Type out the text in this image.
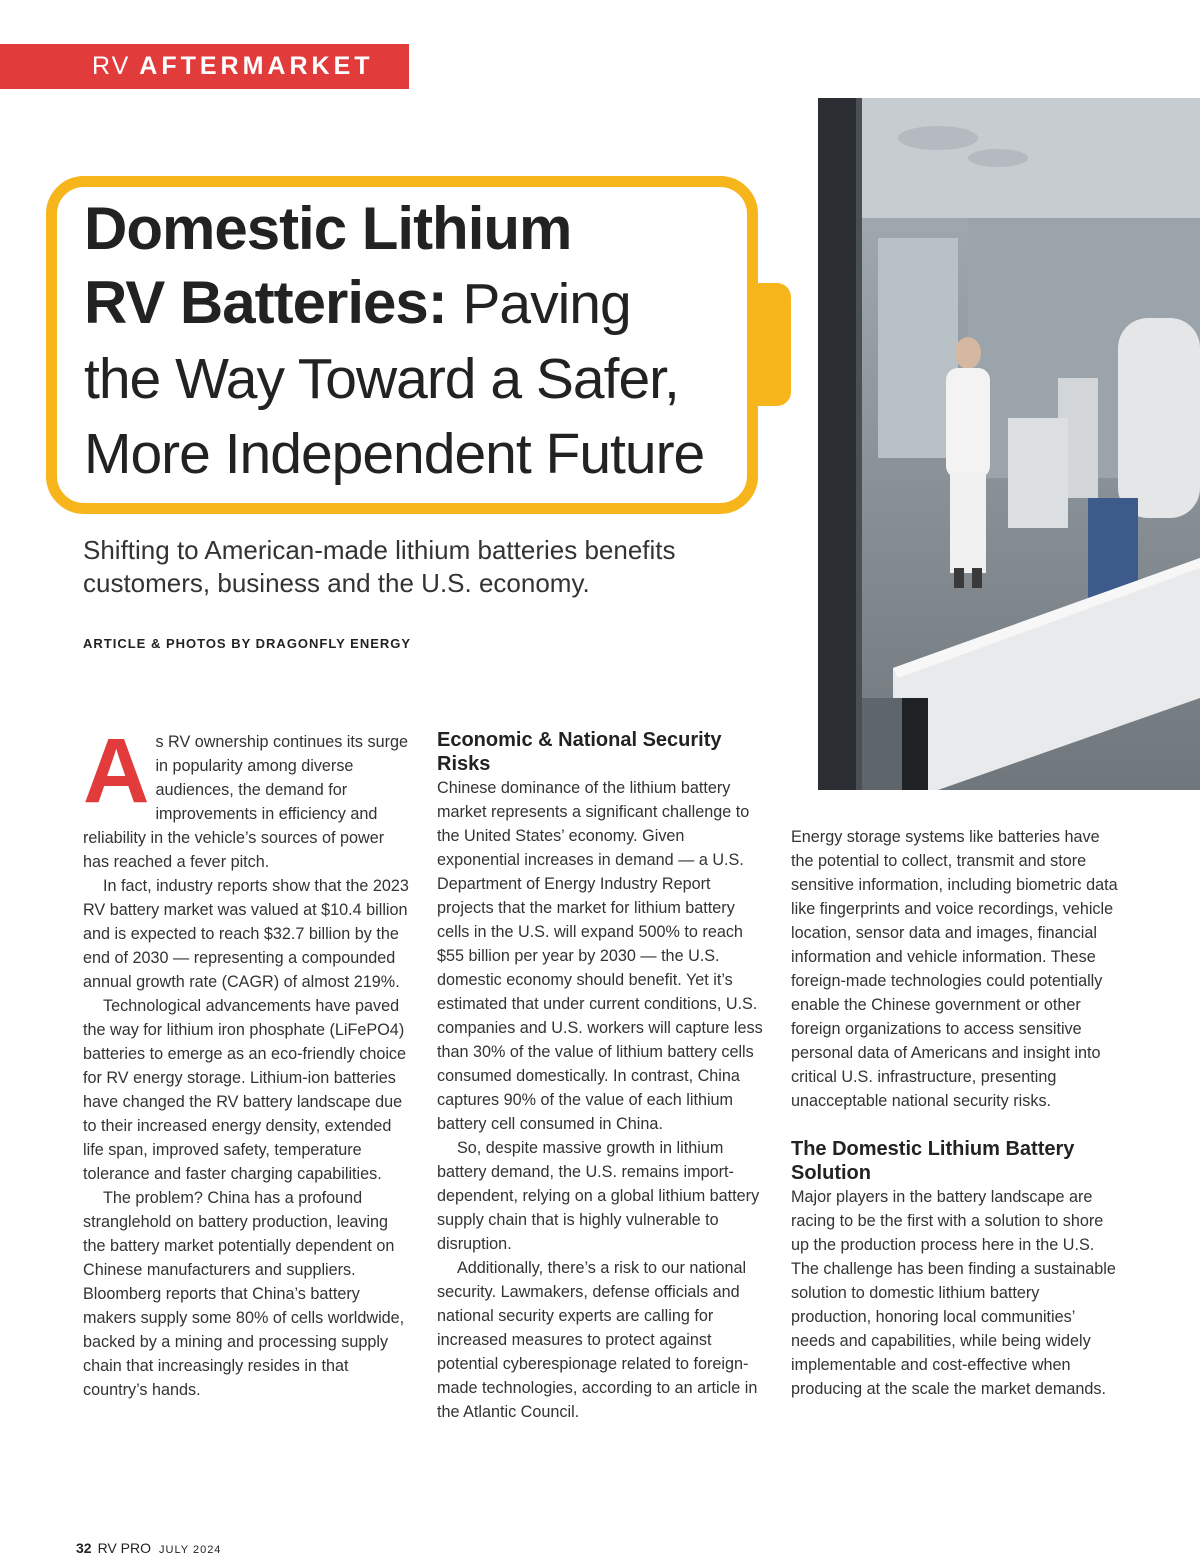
RV AFTERMARKET
Domestic Lithium
RV Batteries: Paving
the Way Toward a Safer,
More Independent Future

Shifting to American-made lithium batteries benefits customers, business and the U.S. economy.

ARTICLE & PHOTOS BY DRAGONFLY ENERGY

A s RV ownership continues its surge in popularity among diverse audiences, the demand for improvements in efficiency and reliability in the vehicle’s sources of power has reached a fever pitch.

In fact, industry reports show that the 2023 RV battery market was valued at $10.4 billion and is expected to reach $32.7 billion by the end of 2030 — representing a compounded annual growth rate (CAGR) of almost 219%.

Technological advancements have paved the way for lithium iron phosphate (LiFePO4) batteries to emerge as an eco-friendly choice for RV energy storage. Lithium-ion batteries have changed the RV battery landscape due to their increased energy density, extended life span, improved safety, temperature tolerance and faster charging capabilities.

The problem? China has a profound stranglehold on battery production, leaving the battery market potentially dependent on Chinese manufacturers and suppliers. Bloomberg reports that China’s battery makers supply some 80% of cells worldwide, backed by a mining and processing supply chain that increasingly resides in that country’s hands.

Economic & National Security Risks

Chinese dominance of the lithium battery market represents a significant challenge to the United States’ economy. Given exponential increases in demand — a U.S. Department of Energy Industry Report projects that the market for lithium battery cells in the U.S. will expand 500% to reach $55 billion per year by 2030 — the U.S. domestic economy should benefit. Yet it’s estimated that under current conditions, U.S. companies and U.S. workers will capture less than 30% of the value of lithium battery cells consumed domestically. In contrast, China captures 90% of the value of each lithium battery cell consumed in China.

So, despite massive growth in lithium battery demand, the U.S. remains import-dependent, relying on a global lithium battery supply chain that is highly vulnerable to disruption.

Additionally, there’s a risk to our national security. Lawmakers, defense officials and national security experts are calling for increased measures to protect against potential cyberespionage related to foreign-made technologies, according to an article in the Atlantic Council.

Energy storage systems like batteries have the potential to collect, transmit and store sensitive information, including biometric data like fingerprints and voice recordings, vehicle location, sensor data and images, financial information and vehicle information. These foreign-made technologies could potentially enable the Chinese government or other foreign organizations to access sensitive personal data of Americans and insight into critical U.S. infrastructure, presenting unacceptable national security risks.

The Domestic Lithium Battery Solution

Major players in the battery landscape are racing to be the first with a solution to shore up the production process here in the U.S. The challenge has been finding a sustainable solution to domestic lithium battery production, honoring local communities’ needs and capabilities, while being widely implementable and cost-effective when producing at the scale the market demands.

32 RV PRO JULY 2024
